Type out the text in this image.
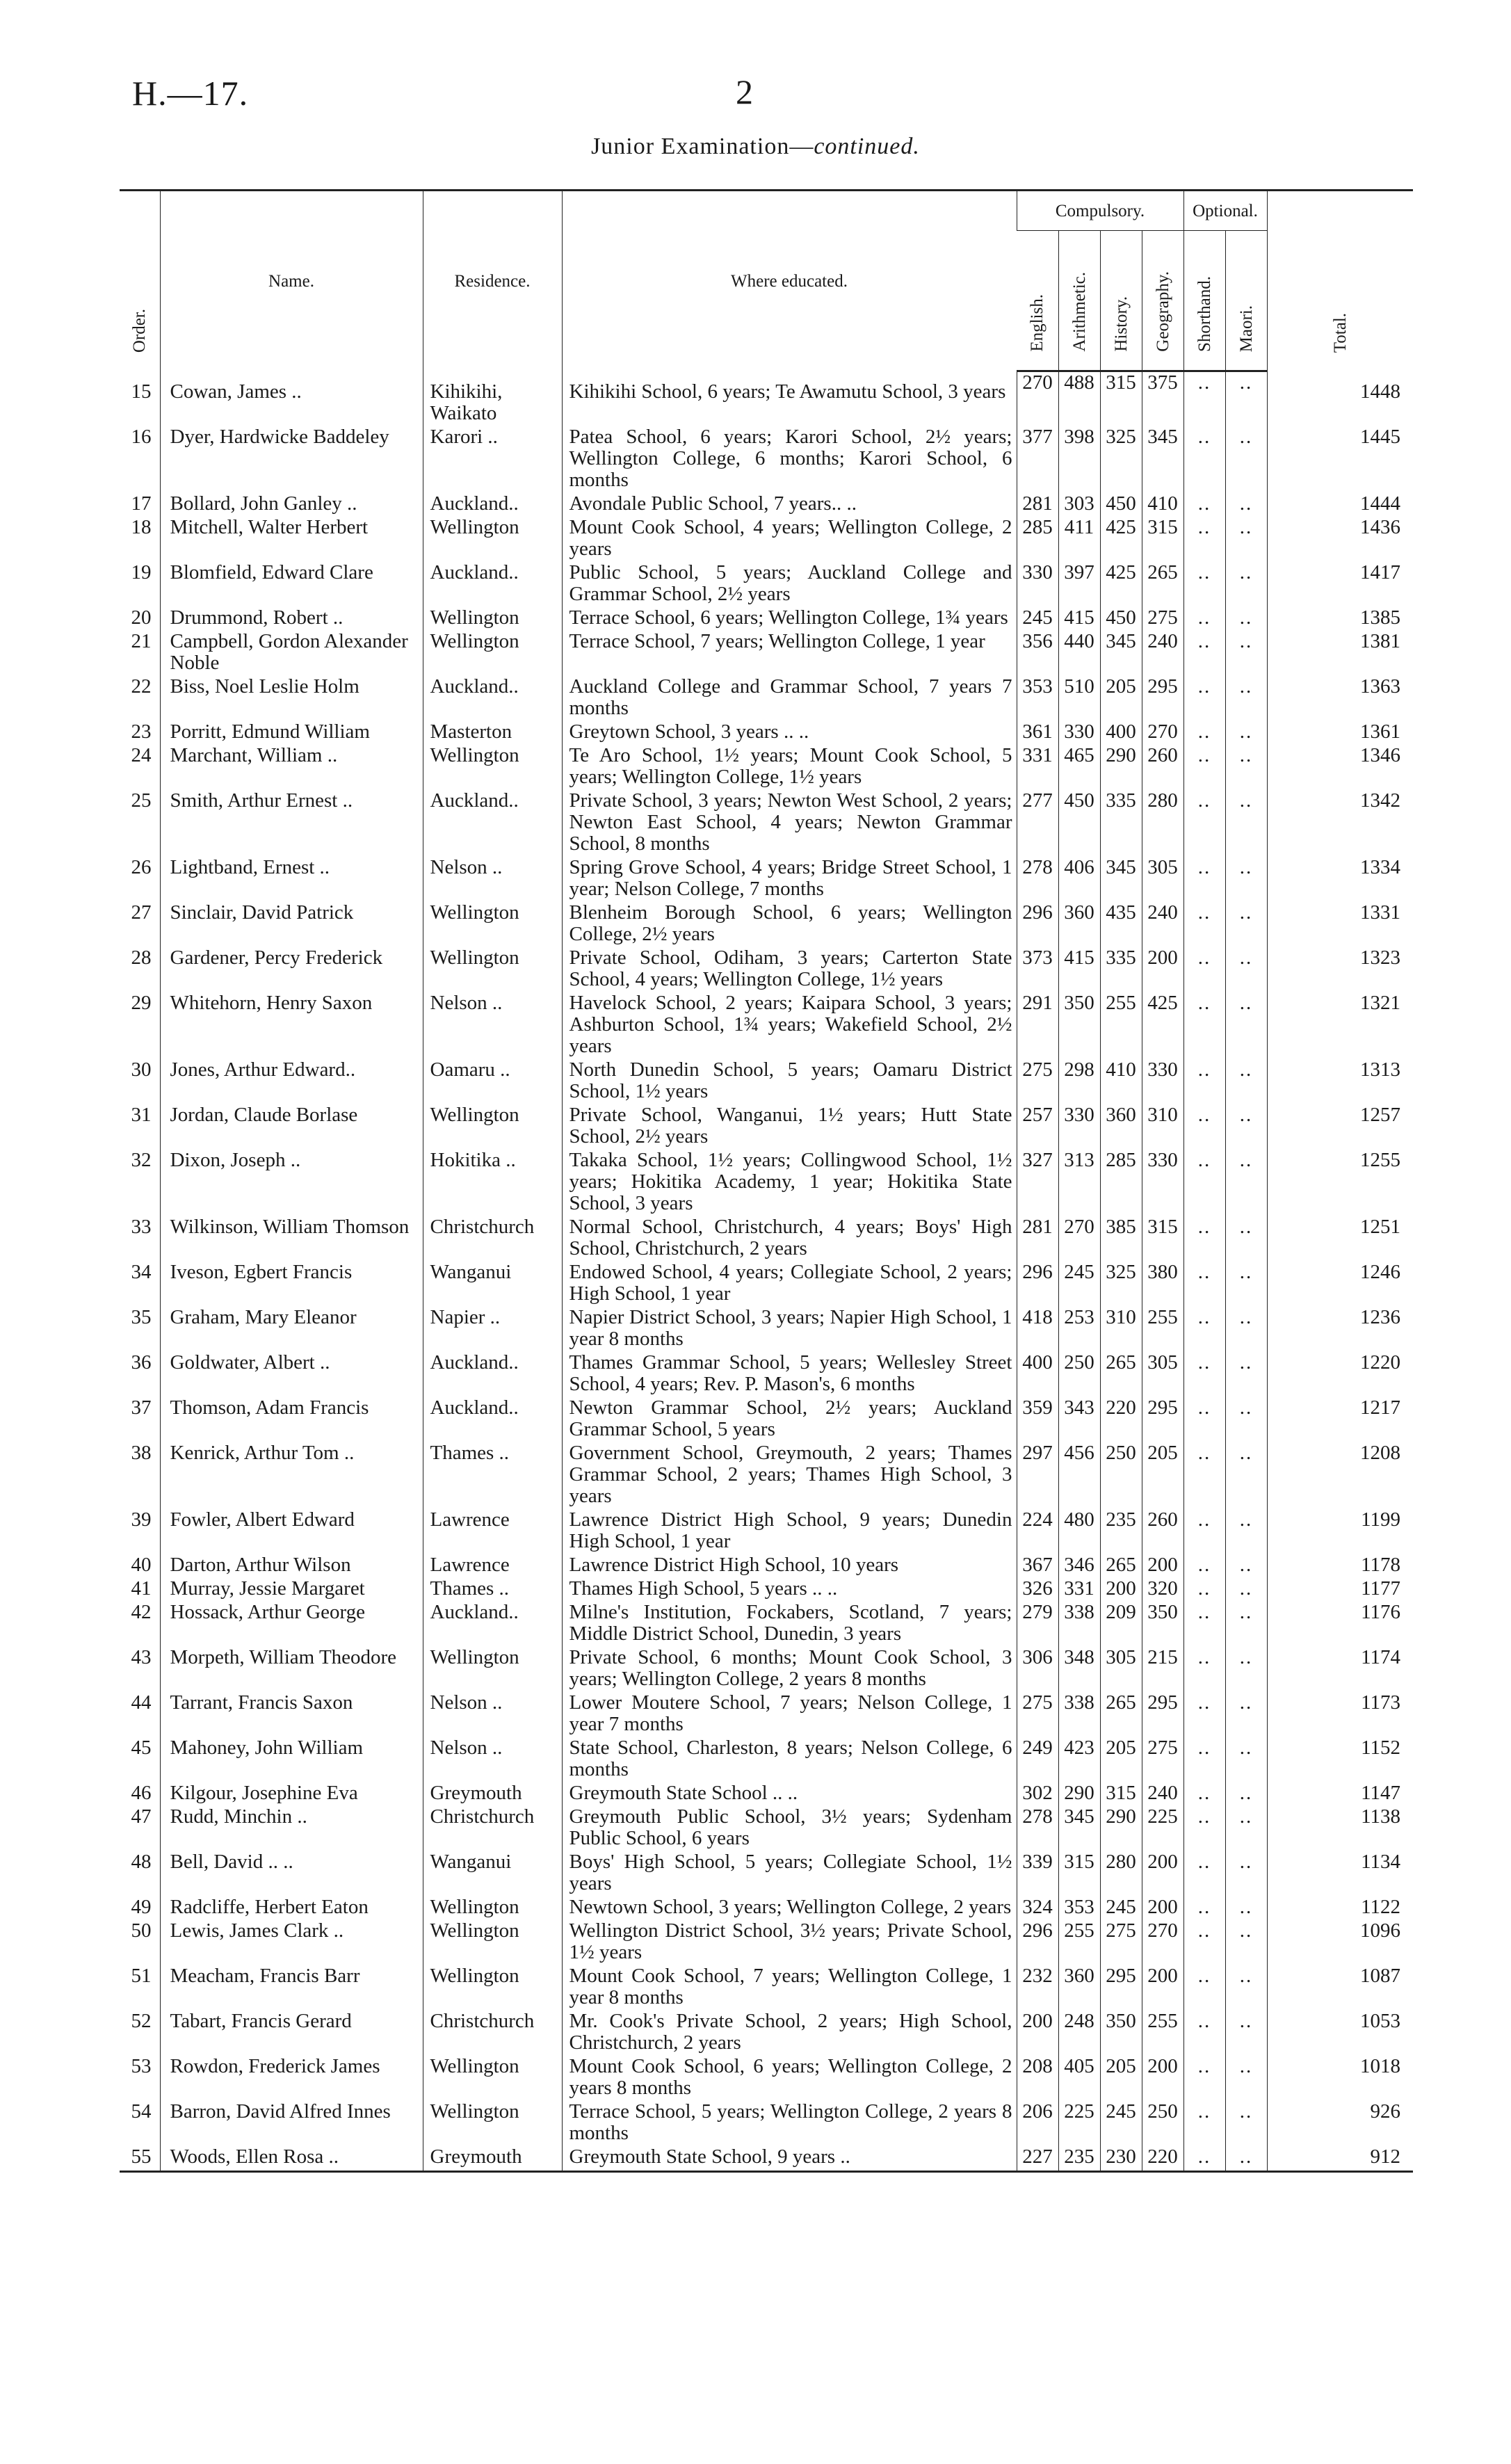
H.—17.	2
Junior Examination—continued.
Order.	Name.	Residence.	Where educated.	Compulsory.				Optional.		Total.
				English.	Arithmetic.	History.	Geography.	Shorthand.	Maori.	
15	Cowan, James ..	Kihikihi, Waikato	Kihikihi School, 6 years; Te Awamutu School, 3 years	270	488	315	375	..	..	1448
16	Dyer, Hardwicke Baddeley	Karori ..	Patea School, 6 years; Karori School, 2½ years; Wellington College, 6 months; Karori School, 6 months	377	398	325	345	..	..	1445
17	Bollard, John Ganley ..	Auckland..	Avondale Public School, 7 years.. ..	281	303	450	410	..	..	1444
18	Mitchell, Walter Herbert	Wellington	Mount Cook School, 4 years; Wellington College, 2 years	285	411	425	315	..	..	1436
19	Blomfield, Edward Clare	Auckland..	Public School, 5 years; Auckland College and Grammar School, 2½ years	330	397	425	265	..	..	1417
20	Drummond, Robert ..	Wellington	Terrace School, 6 years; Wellington College, 1¾ years	245	415	450	275	..	..	1385
21	Campbell, Gordon Alexander Noble	Wellington	Terrace School, 7 years; Wellington College, 1 year	356	440	345	240	..	..	1381
22	Biss, Noel Leslie Holm	Auckland..	Auckland College and Grammar School, 7 years 7 months	353	510	205	295	..	..	1363
23	Porritt, Edmund William	Masterton	Greytown School, 3 years .. ..	361	330	400	270	..	..	1361
24	Marchant, William ..	Wellington	Te Aro School, 1½ years; Mount Cook School, 5 years; Wellington College, 1½ years	331	465	290	260	..	..	1346
25	Smith, Arthur Ernest ..	Auckland..	Private School, 3 years; Newton West School, 2 years; Newton East School, 4 years; Newton Grammar School, 8 months	277	450	335	280	..	..	1342
26	Lightband, Ernest ..	Nelson ..	Spring Grove School, 4 years; Bridge Street School, 1 year; Nelson College, 7 months	278	406	345	305	..	..	1334
27	Sinclair, David Patrick	Wellington	Blenheim Borough School, 6 years; Wellington College, 2½ years	296	360	435	240	..	..	1331
28	Gardener, Percy Frederick	Wellington	Private School, Odiham, 3 years; Carterton State School, 4 years; Wellington College, 1½ years	373	415	335	200	..	..	1323
29	Whitehorn, Henry Saxon	Nelson ..	Havelock School, 2 years; Kaipara School, 3 years; Ashburton School, 1¾ years; Wakefield School, 2½ years	291	350	255	425	..	..	1321
30	Jones, Arthur Edward..	Oamaru ..	North Dunedin School, 5 years; Oamaru District School, 1½ years	275	298	410	330	..	..	1313
31	Jordan, Claude Borlase	Wellington	Private School, Wanganui, 1½ years; Hutt State School, 2½ years	257	330	360	310	..	..	1257
32	Dixon, Joseph ..	Hokitika ..	Takaka School, 1½ years; Collingwood School, 1½ years; Hokitika Academy, 1 year; Hokitika State School, 3 years	327	313	285	330	..	..	1255
33	Wilkinson, William Thomson	Christchurch	Normal School, Christchurch, 4 years; Boys' High School, Christchurch, 2 years	281	270	385	315	..	..	1251
34	Iveson, Egbert Francis	Wanganui	Endowed School, 4 years; Collegiate School, 2 years; High School, 1 year	296	245	325	380	..	..	1246
35	Graham, Mary Eleanor	Napier ..	Napier District School, 3 years; Napier High School, 1 year 8 months	418	253	310	255	..	..	1236
36	Goldwater, Albert ..	Auckland..	Thames Grammar School, 5 years; Wellesley Street School, 4 years; Rev. P. Mason's, 6 months	400	250	265	305	..	..	1220
37	Thomson, Adam Francis	Auckland..	Newton Grammar School, 2½ years; Auckland Grammar School, 5 years	359	343	220	295	..	..	1217
38	Kenrick, Arthur Tom ..	Thames ..	Government School, Greymouth, 2 years; Thames Grammar School, 2 years; Thames High School, 3 years	297	456	250	205	..	..	1208
39	Fowler, Albert Edward	Lawrence	Lawrence District High School, 9 years; Dunedin High School, 1 year	224	480	235	260	..	..	1199
40	Darton, Arthur Wilson	Lawrence	Lawrence District High School, 10 years	367	346	265	200	..	..	1178
41	Murray, Jessie Margaret	Thames ..	Thames High School, 5 years .. ..	326	331	200	320	..	..	1177
42	Hossack, Arthur George	Auckland..	Milne's Institution, Fockabers, Scotland, 7 years; Middle District School, Dunedin, 3 years	279	338	209	350	..	..	1176
43	Morpeth, William Theodore	Wellington	Private School, 6 months; Mount Cook School, 3 years; Wellington College, 2 years 8 months	306	348	305	215	..	..	1174
44	Tarrant, Francis Saxon	Nelson ..	Lower Moutere School, 7 years; Nelson College, 1 year 7 months	275	338	265	295	..	..	1173
45	Mahoney, John William	Nelson ..	State School, Charleston, 8 years; Nelson College, 6 months	249	423	205	275	..	..	1152
46	Kilgour, Josephine Eva	Greymouth	Greymouth State School .. ..	302	290	315	240	..	..	1147
47	Rudd, Minchin ..	Christchurch	Greymouth Public School, 3½ years; Sydenham Public School, 6 years	278	345	290	225	..	..	1138
48	Bell, David .. ..	Wanganui	Boys' High School, 5 years; Collegiate School, 1½ years	339	315	280	200	..	..	1134
49	Radcliffe, Herbert Eaton	Wellington	Newtown School, 3 years; Wellington College, 2 years	324	353	245	200	..	..	1122
50	Lewis, James Clark ..	Wellington	Wellington District School, 3½ years; Private School, 1½ years	296	255	275	270	..	..	1096
51	Meacham, Francis Barr	Wellington	Mount Cook School, 7 years; Wellington College, 1 year 8 months	232	360	295	200	..	..	1087
52	Tabart, Francis Gerard	Christchurch	Mr. Cook's Private School, 2 years; High School, Christchurch, 2 years	200	248	350	255	..	..	1053
53	Rowdon, Frederick James	Wellington	Mount Cook School, 6 years; Wellington College, 2 years 8 months	208	405	205	200	..	..	1018
54	Barron, David Alfred Innes	Wellington	Terrace School, 5 years; Wellington College, 2 years 8 months	206	225	245	250	..	..	926
55	Woods, Ellen Rosa ..	Greymouth	Greymouth State School, 9 years ..	227	235	230	220	..	..	912
